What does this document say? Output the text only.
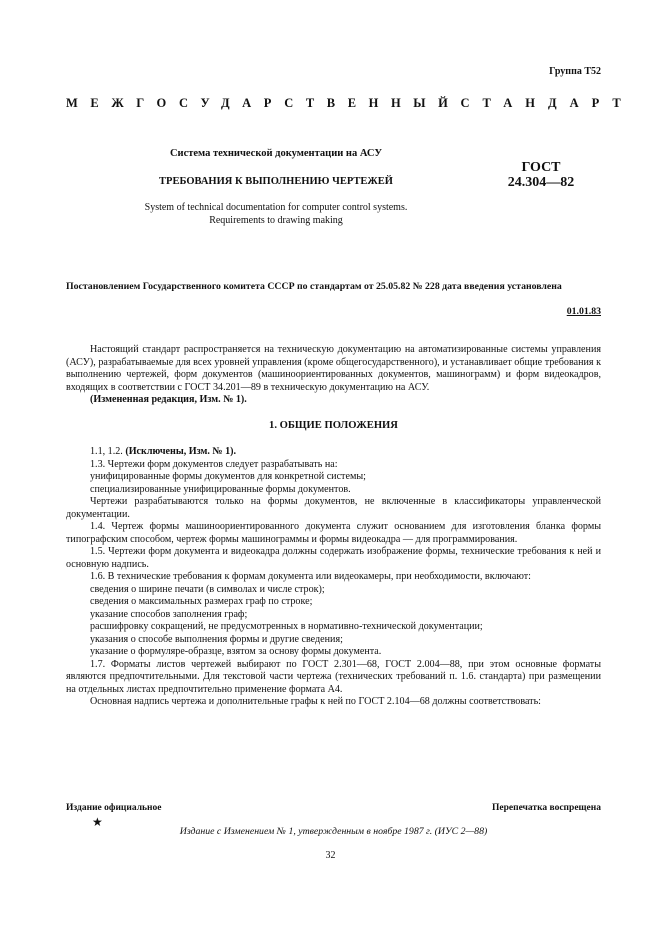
Группа Т52
МЕЖГОСУДАРСТВЕННЫЙ СТАНДАРТ
Система технической документации на АСУ
ТРЕБОВАНИЯ К ВЫПОЛНЕНИЮ ЧЕРТЕЖЕЙ
System of technical documentation for computer control systems.
Requirements to drawing making
ГОСТ
24.304—82
Постановлением Государственного комитета СССР по стандартам от 25.05.82 № 228 дата введения установлена
01.01.83

Настоящий стандарт распространяется на техническую документацию на автоматизированные системы управления (АСУ), разрабатываемые для всех уровней управления (кроме общегосударственного), и устанавливает общие требования к выполнению чертежей, форм документов (машиноориентированных документов, машинограмм) и форм видеокадров, входящих в соответствии с ГОСТ 34.201—89 в техническую документацию на АСУ.

(Измененная редакция, Изм. № 1).

1. ОБЩИЕ ПОЛОЖЕНИЯ

1.1, 1.2. (Исключены, Изм. № 1).

1.3. Чертежи форм документов следует разрабатывать на:

унифицированные формы документов для конкретной системы;

специализированные унифицированные формы документов.

Чертежи разрабатываются только на формы документов, не включенные в классификаторы управленческой документации.

1.4. Чертеж формы машиноориентированного документа служит основанием для изготовления бланка формы типографским способом, чертеж формы машинограммы и формы видеокадра — для программирования.

1.5. Чертежи форм документа и видеокадра должны содержать изображение формы, технические требования к ней и основную надпись.

1.6. В технические требования к формам документа или видеокамеры, при необходимости, включают:

сведения о ширине печати (в символах и числе строк);

сведения о максимальных размерах граф по строке;

указание способов заполнения граф;

расшифровку сокращений, не предусмотренных в нормативно-технической документации;

указания о способе выполнения формы и другие сведения;

указание о формуляре-образце, взятом за основу формы документа.

1.7. Форматы листов чертежей выбирают по ГОСТ 2.301—68, ГОСТ 2.004—88, при этом основные форматы являются предпочтительными. Для текстовой части чертежа (технических требований п. 1.6. стандарта) при размещении на отдельных листах предпочтительно применение формата А4.

Основная надпись чертежа и дополнительные графы к ней по ГОСТ 2.104—68 должны соответствовать:

Издание официальное	Перепечатка воспрещена
★
Издание с Изменением № 1, утвержденным в ноябре 1987 г. (ИУС 2—88)
32
